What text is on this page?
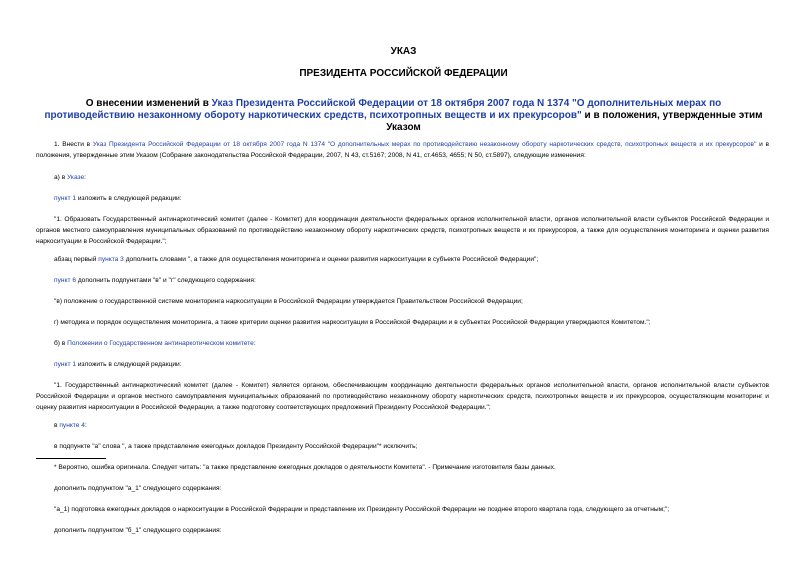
УКАЗ
ПРЕЗИДЕНТА РОССИЙСКОЙ ФЕДЕРАЦИИ
О внесении изменений в Указ Президента Российской Федерации от 18 октября 2007 года N 1374 "О дополнительных мерах по противодействию незаконному обороту наркотических средств, психотропных веществ и их прекурсоров" и в положения, утвержденные этим Указом
1. Внести в Указ Президента Российской Федерации от 18 октября 2007 года N 1374 "О дополнительных мерах по противодействию незаконному обороту наркотических средств, психотропных веществ и их прекурсоров" и в положения, утвержденные этим Указом (Собрание законодательства Российской Федерации, 2007, N 43, ст.5167; 2008, N 41, ст.4653, 4655; N 50, ст.5897), следующие изменения:
а) в Указе:
пункт 1 изложить в следующей редакции:
"1. Образовать Государственный антинаркотический комитет (далее - Комитет) для координации деятельности федеральных органов исполнительной власти, органов исполнительной власти субъектов Российской Федерации и органов местного самоуправления муниципальных образований по противодействию незаконному обороту наркотических средств, психотропных веществ и их прекурсоров, а также для осуществления мониторинга и оценки развития наркоситуации в Российской Федерации.";
абзац первый пункта 3 дополнить словами ", а также для осуществления мониторинга и оценки развития наркоситуации в субъекте Российской Федерации";
пункт 6 дополнить подпунктами "в" и "г" следующего содержания:
"в) положение о государственной системе мониторинга наркоситуации в Российской Федерации утверждается Правительством Российской Федерации;
г) методика и порядок осуществления мониторинга, а также критерии оценки развития наркоситуации в Российской Федерации и в субъектах Российской Федерации утверждаются Комитетом.";
б) в Положении о Государственном антинаркотическом комитете:
пункт 1 изложить в следующей редакции:
"1. Государственный антинаркотический комитет (далее - Комитет) является органом, обеспечивающим координацию деятельности федеральных органов исполнительной власти, органов исполнительной власти субъектов Российской Федерации и органов местного самоуправления муниципальных образований по противодействию незаконному обороту наркотических средств, психотропных веществ и их прекурсоров, осуществляющим мониторинг и оценку развития наркоситуации в Российской Федерации, а также подготовку соответствующих предложений Президенту Российской Федерации.";
в пункте 4:
в подпункте "а" слова ", а также представление ежегодных докладов Президенту Российской Федерации"* исключить;
* Вероятно, ошибка оригинала. Следует читать: "а также представление ежегодных докладов о деятельности Комитета". - Примечание изготовителя базы данных.
дополнить подпунктом "а_1" следующего содержания:
"а_1) подготовка ежегодных докладов о наркоситуации в Российской Федерации и представление их Президенту Российской Федерации не позднее второго квартала года, следующего за отчетным;";
дополнить подпунктом "б_1" следующего содержания:
